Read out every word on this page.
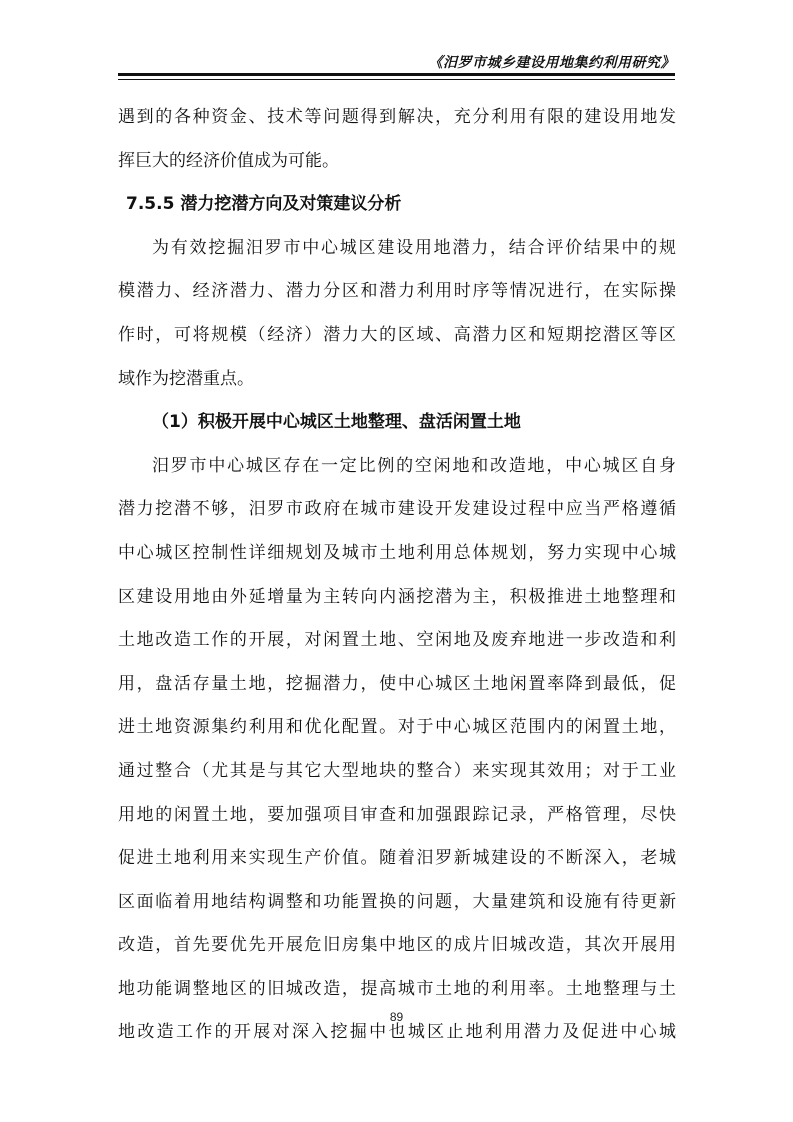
《汨罗市城乡建设用地集约利用研究》
遇到的各种资金、技术等问题得到解决，充分利用有限的建设用地发
挥巨大的经济价值成为可能。
7.5.5 潜力挖潜方向及对策建议分析
为有效挖掘汨罗市中心城区建设用地潜力，结合评价结果中的规
模潜力、经济潜力、潜力分区和潜力利用时序等情况进行，在实际操
作时，可将规模（经济）潜力大的区域、高潜力区和短期挖潜区等区
域作为挖潜重点。
（1）积极开展中心城区土地整理、盘活闲置土地
汨罗市中心城区存在一定比例的空闲地和改造地，中心城区自身
潜力挖潜不够，汨罗市政府在城市建设开发建设过程中应当严格遵循
中心城区控制性详细规划及城市土地利用总体规划，努力实现中心城
区建设用地由外延增量为主转向内涵挖潜为主，积极推进土地整理和
土地改造工作的开展，对闲置土地、空闲地及废弃地进一步改造和利
用，盘活存量土地，挖掘潜力，使中心城区土地闲置率降到最低，促
进土地资源集约利用和优化配置。对于中心城区范围内的闲置土地，
通过整合（尤其是与其它大型地块的整合）来实现其效用；对于工业
用地的闲置土地，要加强项目审查和加强跟踪记录，严格管理，尽快
促进土地利用来实现生产价值。随着汨罗新城建设的不断深入，老城
区面临着用地结构调整和功能置换的问题，大量建筑和设施有待更新
改造，首先要优先开展危旧房集中地区的成片旧城改造，其次开展用
地功能调整地区的旧城改造，提高城市土地的利用率。土地整理与土
地改造工作的开展对深入挖掘中也城区止地利用潜力及促进中心城
89
